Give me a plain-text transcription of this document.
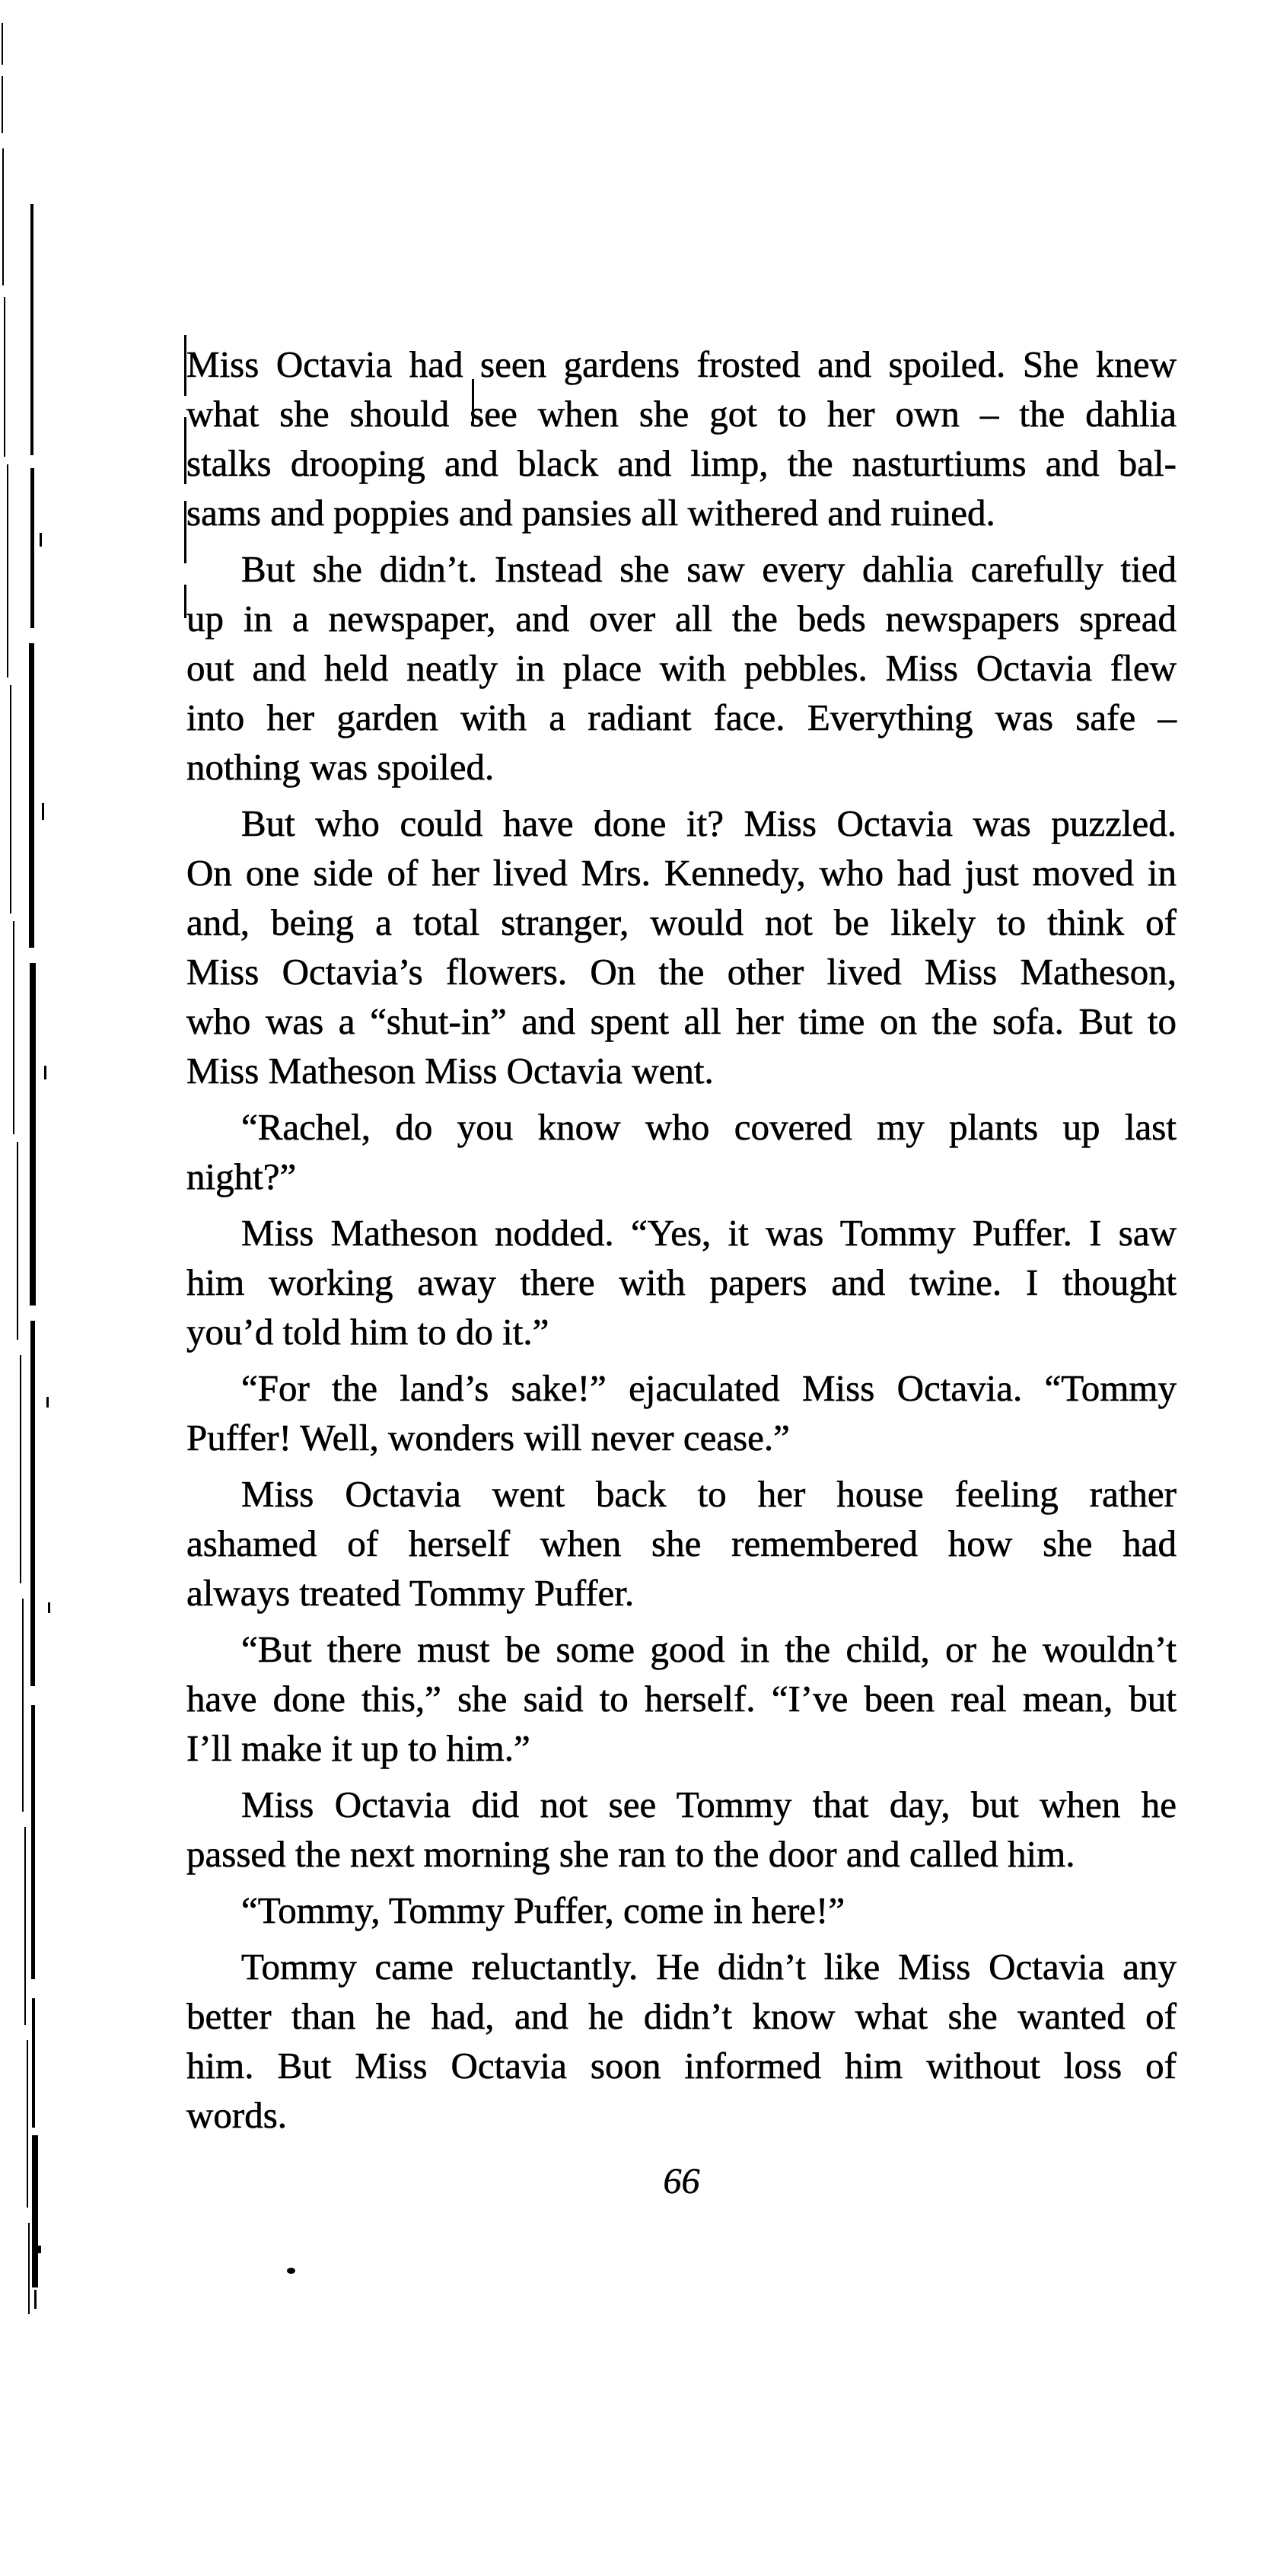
Miss Octavia had seen gardens frosted and spoiled. She knew
what she should see when she got to her own – the dahlia
stalks drooping and black and limp, the nasturtiums and bal-
sams and poppies and pansies all withered and ruined.
But she didn’t. Instead she saw every dahlia carefully tied
up in a newspaper, and over all the beds newspapers spread
out and held neatly in place with pebbles. Miss Octavia flew
into her garden with a radiant face. Everything was safe –
nothing was spoiled.
But who could have done it? Miss Octavia was puzzled.
On one side of her lived Mrs. Kennedy, who had just moved in
and, being a total stranger, would not be likely to think of
Miss Octavia’s flowers. On the other lived Miss Matheson,
who was a “shut-in” and spent all her time on the sofa. But to
Miss Matheson Miss Octavia went.
“Rachel, do you know who covered my plants up last
night?”
Miss Matheson nodded. “Yes, it was Tommy Puffer. I saw
him working away there with papers and twine. I thought
you’d told him to do it.”
“For the land’s sake!” ejaculated Miss Octavia. “Tommy
Puffer! Well, wonders will never cease.”
Miss Octavia went back to her house feeling rather
ashamed of herself when she remembered how she had
always treated Tommy Puffer.
“But there must be some good in the child, or he wouldn’t
have done this,” she said to herself. “I’ve been real mean, but
I’ll make it up to him.”
Miss Octavia did not see Tommy that day, but when he
passed the next morning she ran to the door and called him.
“Tommy, Tommy Puffer, come in here!”
Tommy came reluctantly. He didn’t like Miss Octavia any
better than he had, and he didn’t know what she wanted of
him. But Miss Octavia soon informed him without loss of
words.
66
